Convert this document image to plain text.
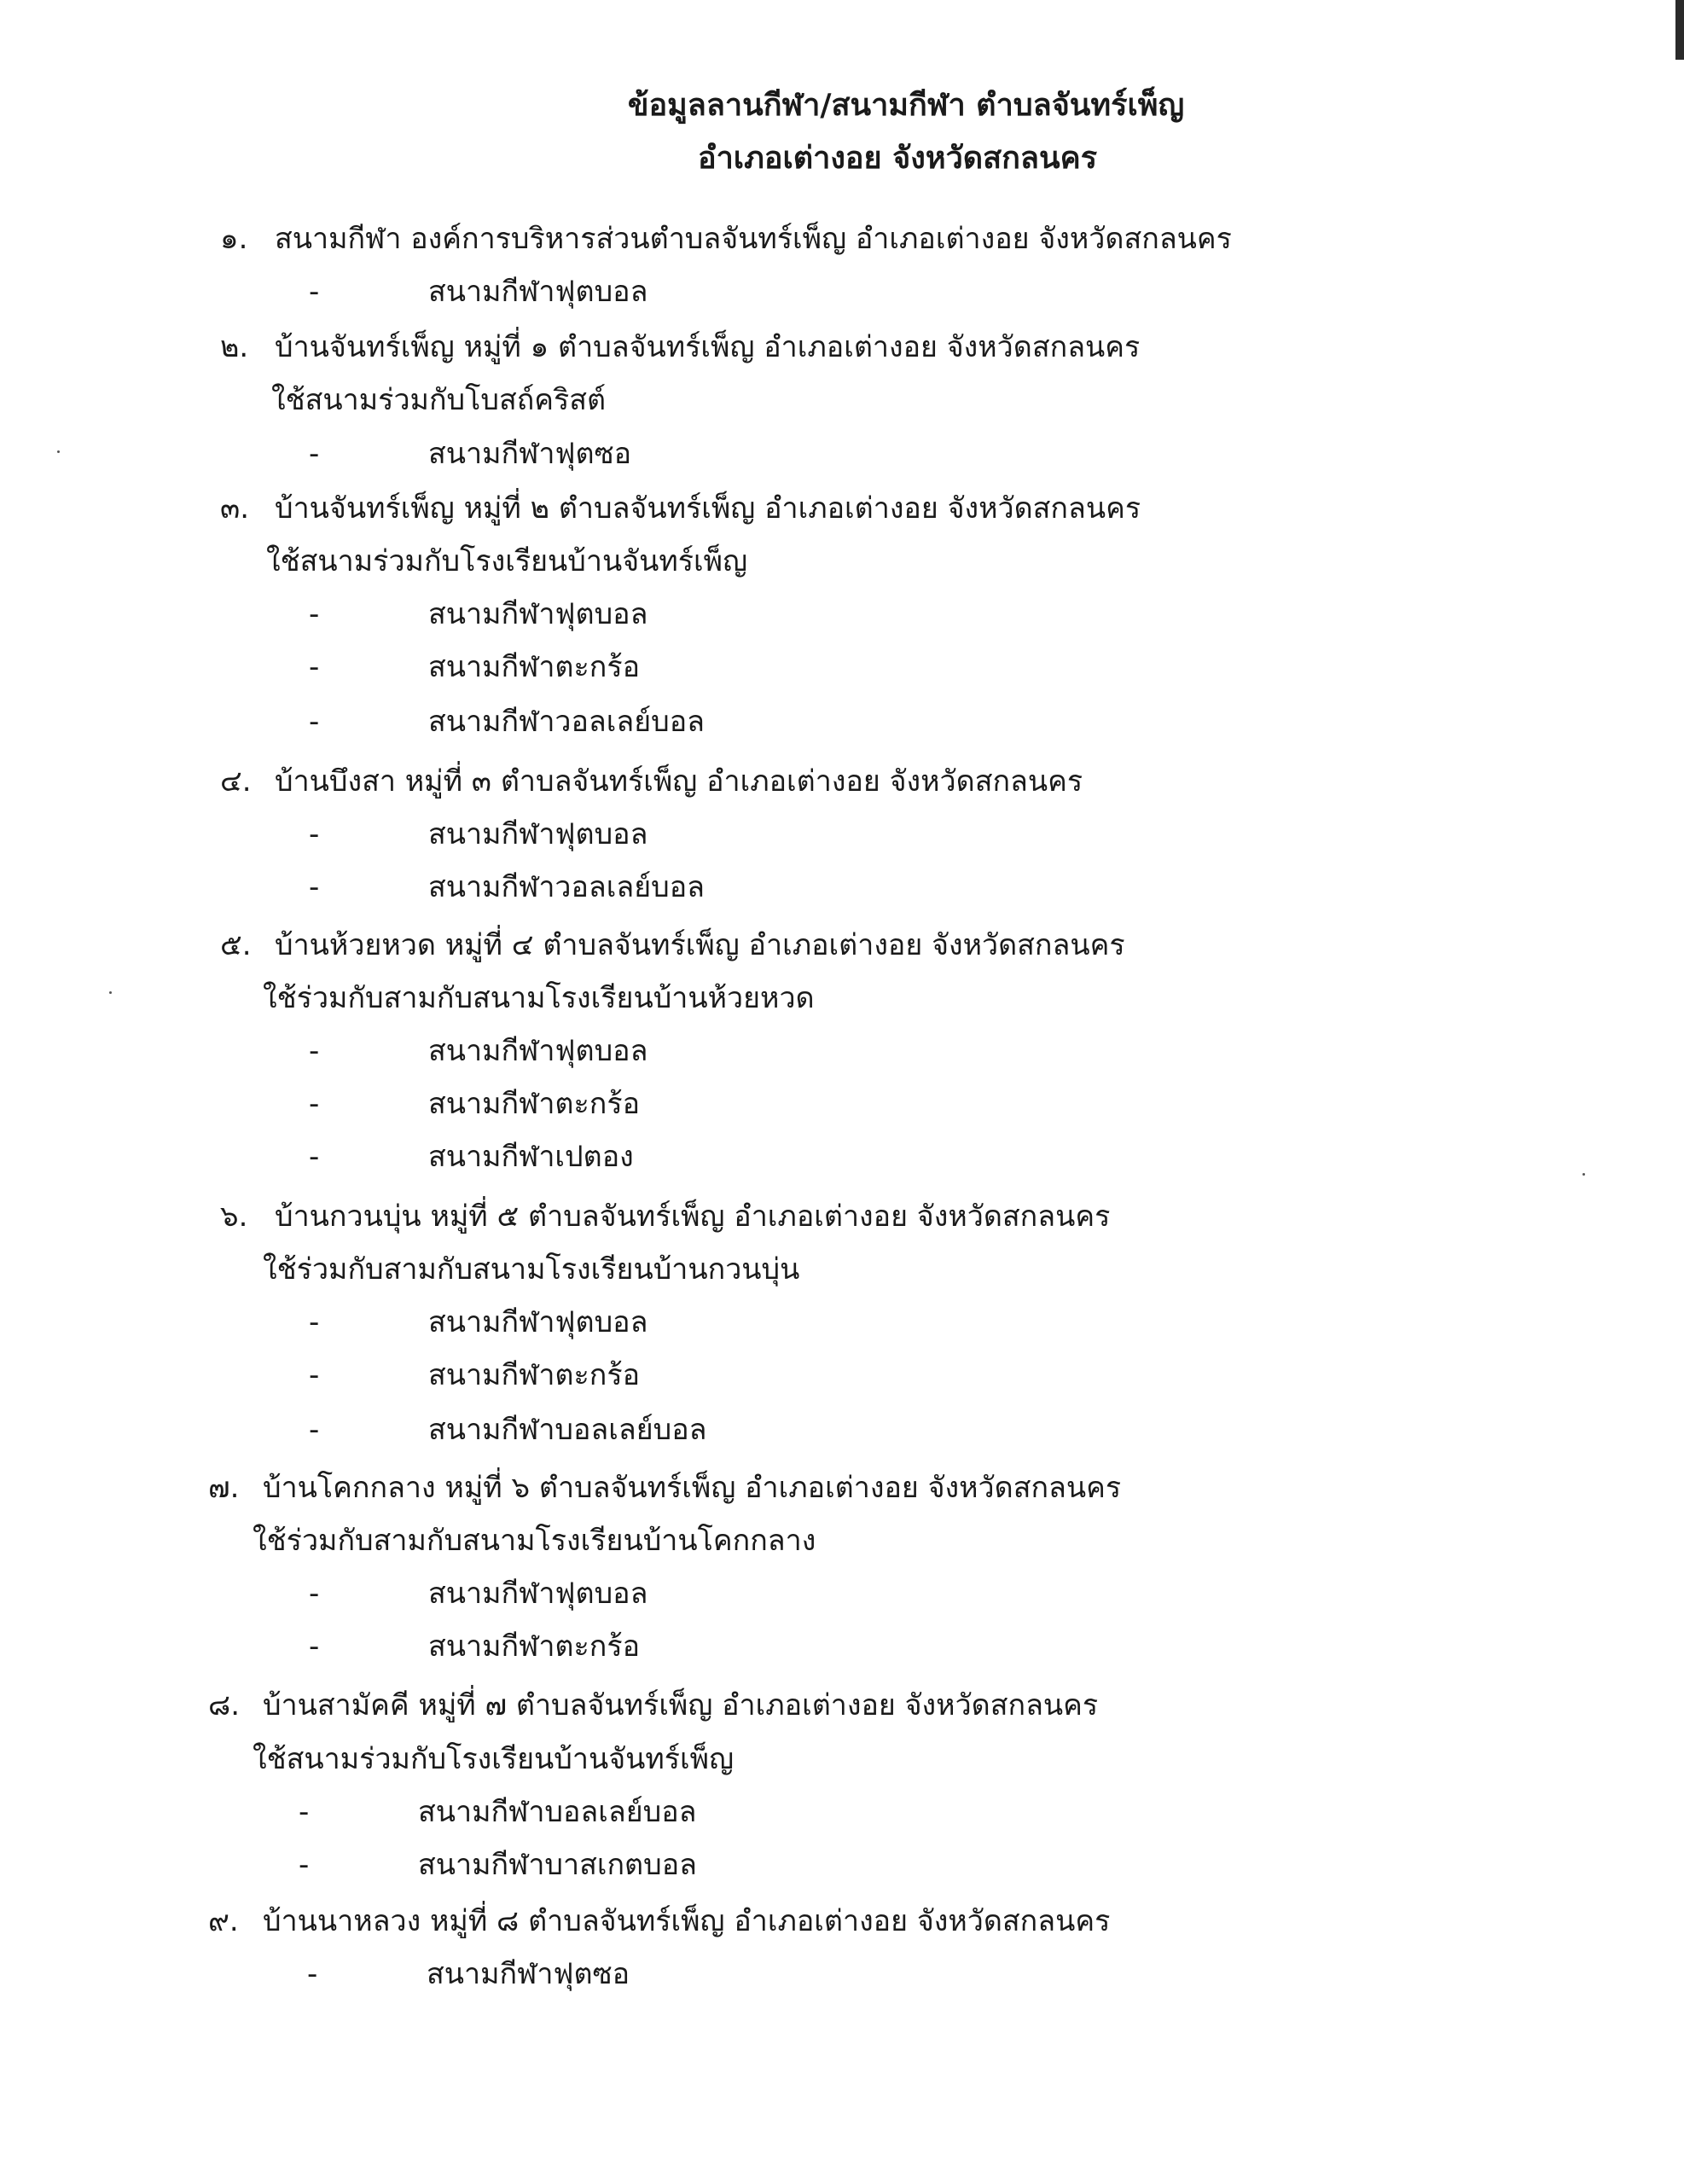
ข้อมูลลานกีฬา/สนามกีฬา ตำบลจันทร์เพ็ญ
อำเภอเต่างอย จังหวัดสกลนคร
๑. สนามกีฬา องค์การบริหารส่วนตำบลจันทร์เพ็ญ อำเภอเต่างอย จังหวัดสกลนคร
-	สนามกีฬาฟุตบอล
๒. บ้านจันทร์เพ็ญ หมู่ที่ ๑ ตำบลจันทร์เพ็ญ อำเภอเต่างอย จังหวัดสกลนคร
ใช้สนามร่วมกับโบสถ์คริสต์
-	สนามกีฬาฟุตซอ
๓. บ้านจันทร์เพ็ญ หมู่ที่ ๒ ตำบลจันทร์เพ็ญ อำเภอเต่างอย จังหวัดสกลนคร
ใช้สนามร่วมกับโรงเรียนบ้านจันทร์เพ็ญ
-	สนามกีฬาฟุตบอล
-	สนามกีฬาตะกร้อ
-	สนามกีฬาวอลเลย์บอล
๔. บ้านบึงสา หมู่ที่ ๓ ตำบลจันทร์เพ็ญ อำเภอเต่างอย จังหวัดสกลนคร
-	สนามกีฬาฟุตบอล
-	สนามกีฬาวอลเลย์บอล
๕. บ้านห้วยหวด หมู่ที่ ๔ ตำบลจันทร์เพ็ญ อำเภอเต่างอย จังหวัดสกลนคร
ใช้ร่วมกับสามกับสนามโรงเรียนบ้านห้วยหวด
-	สนามกีฬาฟุตบอล
-	สนามกีฬาตะกร้อ
-	สนามกีฬาเปตอง
๖. บ้านกวนบุ่น หมู่ที่ ๕ ตำบลจันทร์เพ็ญ อำเภอเต่างอย จังหวัดสกลนคร
ใช้ร่วมกับสามกับสนามโรงเรียนบ้านกวนบุ่น
-	สนามกีฬาฟุตบอล
-	สนามกีฬาตะกร้อ
-	สนามกีฬาบอลเลย์บอล
๗. บ้านโคกกลาง หมู่ที่ ๖ ตำบลจันทร์เพ็ญ อำเภอเต่างอย จังหวัดสกลนคร
ใช้ร่วมกับสามกับสนามโรงเรียนบ้านโคกกลาง
-	สนามกีฬาฟุตบอล
-	สนามกีฬาตะกร้อ
๘. บ้านสามัคคี หมู่ที่ ๗ ตำบลจันทร์เพ็ญ อำเภอเต่างอย จังหวัดสกลนคร
ใช้สนามร่วมกับโรงเรียนบ้านจันทร์เพ็ญ
-	สนามกีฬาบอลเลย์บอล
-	สนามกีฬาบาสเกตบอล
๙. บ้านนาหลวง หมู่ที่ ๘ ตำบลจันทร์เพ็ญ อำเภอเต่างอย จังหวัดสกลนคร
-	สนามกีฬาฟุตซอ
